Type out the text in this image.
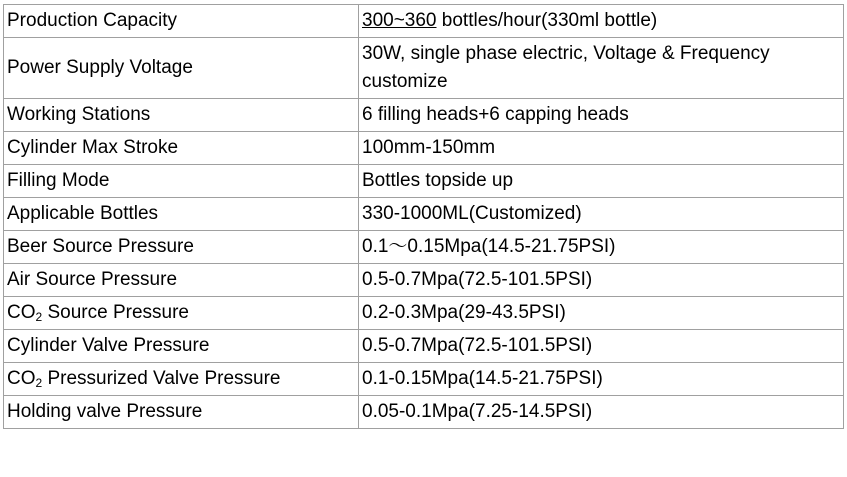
Production Capacity	300~360 bottles/hour(330ml bottle)
Power Supply Voltage	30W, single phase electric, Voltage & Frequency customize
Working Stations	6 filling heads+6 capping heads
Cylinder Max Stroke	100mm-150mm
Filling Mode	Bottles topside up
Applicable Bottles	330-1000ML(Customized)
Beer Source Pressure	0.1～0.15Mpa(14.5-21.75PSI)
Air Source Pressure	0.5-0.7Mpa(72.5-101.5PSI)
$CO_2$ Source Pressure	0.2-0.3Mpa(29-43.5PSI)
Cylinder Valve Pressure	0.5-0.7Mpa(72.5-101.5PSI)
$CO_2$ Pressurized Valve Pressure	0.1-0.15Mpa(14.5-21.75PSI)
Holding valve Pressure	0.05-0.1Mpa(7.25-14.5PSI)
